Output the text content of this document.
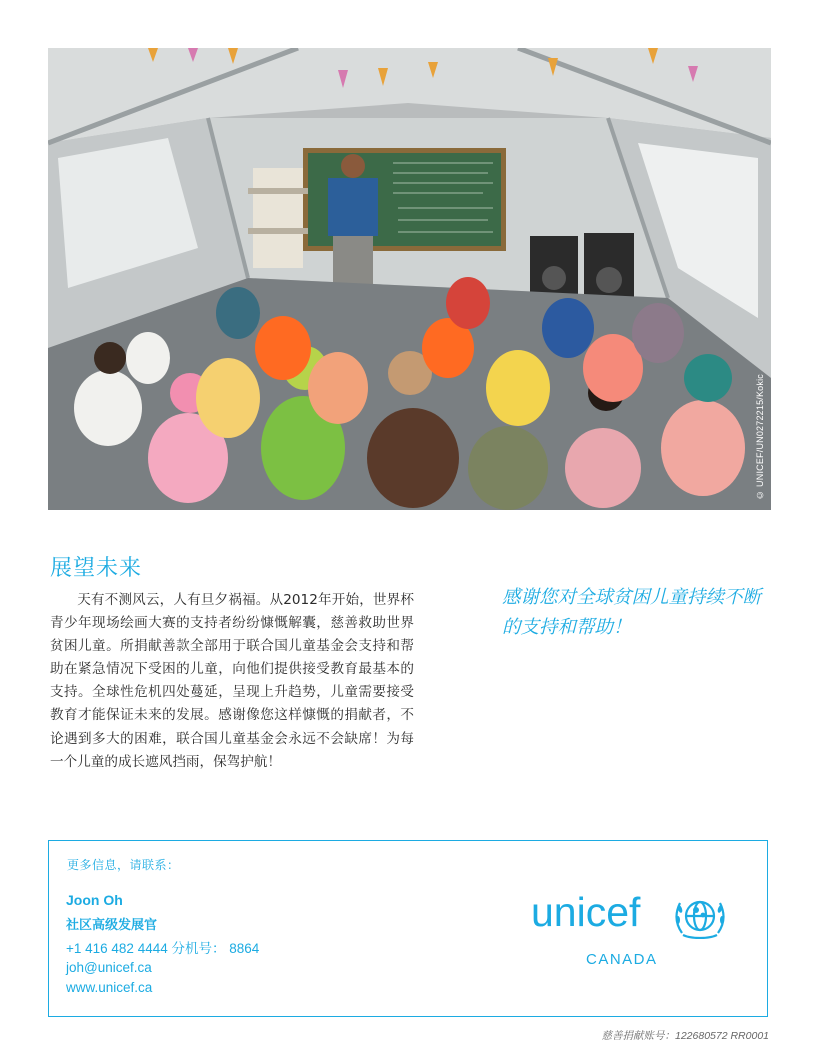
© UNICEF/UN0272215/Kokic
展望未来

天有不测风云，人有旦夕祸福。从2012年开始，世界杯青少年现场绘画大赛的支持者纷纷慷慨解囊，慈善救助世界贫困儿童。所捐献善款全部用于联合国儿童基金会支持和帮助在紧急情况下受困的儿童，向他们提供接受教育最基本的支持。全球性危机四处蔓延，呈现上升趋势，儿童需要接受教育才能保证未来的发展。感谢像您这样慷慨的捐献者，不论遇到多大的困难，联合国儿童基金会永远不会缺席！为每一个儿童的成长遮风挡雨，保驾护航！

感谢您对全球贫困儿童持续不断的支持和帮助！

更多信息，请联系：
Joon Oh
社区高级发展官
+1 416 482 4444 分机号： 8864
joh@unicef.ca
www.unicef.ca
unicef
CANADA
慈善捐献账号：122680572 RR0001
